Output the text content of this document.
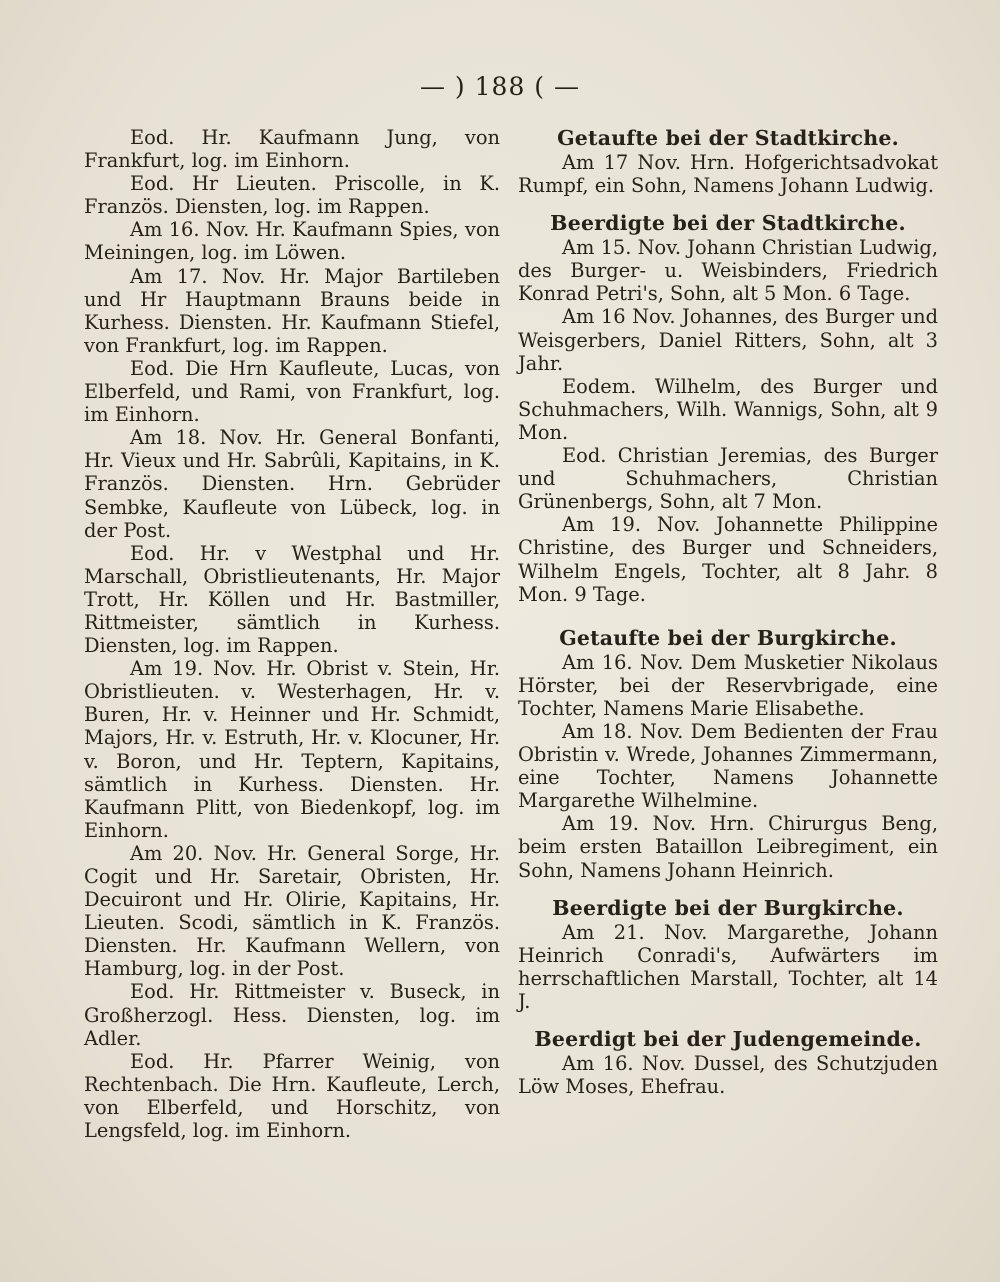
— ) 188 ( —

Eod. Hr. Kaufmann Jung, von Frankfurt, log. im Einhorn.

Eod. Hr Lieuten. Priscolle, in K. Französ. Diensten, log. im Rappen.

Am 16. Nov. Hr. Kaufmann Spies, von Meiningen, log. im Löwen.

Am 17. Nov. Hr. Major Bartileben und Hr Hauptmann Brauns beide in Kurhess. Diensten. Hr. Kaufmann Stiefel, von Frankfurt, log. im Rappen.

Eod. Die Hrn Kaufleute, Lucas, von Elberfeld, und Rami, von Frankfurt, log. im Einhorn.

Am 18. Nov. Hr. General Bonfanti, Hr. Vieux und Hr. Sabrûli, Kapitains, in K. Französ. Diensten. Hrn. Gebrüder Sembke, Kaufleute von Lübeck, log. in der Post.

Eod. Hr. v Westphal und Hr. Marschall, Obristlieutenants, Hr. Major Trott, Hr. Köllen und Hr. Bastmiller, Rittmeister, sämtlich in Kurhess. Diensten, log. im Rappen.

Am 19. Nov. Hr. Obrist v. Stein, Hr. Obristlieuten. v. Westerhagen, Hr. v. Buren, Hr. v. Heinner und Hr. Schmidt, Majors, Hr. v. Estruth, Hr. v. Klocuner, Hr. v. Boron, und Hr. Teptern, Kapitains, sämtlich in Kurhess. Diensten. Hr. Kaufmann Plitt, von Biedenkopf, log. im Einhorn.

Am 20. Nov. Hr. General Sorge, Hr. Cogit und Hr. Saretair, Obristen, Hr. Decuiront und Hr. Olirie, Kapitains, Hr. Lieuten. Scodi, sämtlich in K. Französ. Diensten. Hr. Kaufmann Wellern, von Hamburg, log. in der Post.

Eod. Hr. Rittmeister v. Buseck, in Großherzogl. Hess. Diensten, log. im Adler.

Eod. Hr. Pfarrer Weinig, von Rechtenbach. Die Hrn. Kaufleute, Lerch, von Elberfeld, und Horschitz, von Lengsfeld, log. im Einhorn.

Getaufte bei der Stadtkirche.

Am 17 Nov. Hrn. Hofgerichtsadvokat Rumpf, ein Sohn, Namens Johann Ludwig.

Beerdigte bei der Stadtkirche.

Am 15. Nov. Johann Christian Ludwig, des Burger- u. Weisbinders, Friedrich Konrad Petri's, Sohn, alt 5 Mon. 6 Tage.

Am 16 Nov. Johannes, des Burger und Weisgerbers, Daniel Ritters, Sohn, alt 3 Jahr.

Eodem. Wilhelm, des Burger und Schuhmachers, Wilh. Wannigs, Sohn, alt 9 Mon.

Eod. Christian Jeremias, des Burger und Schuhmachers, Christian Grünenbergs, Sohn, alt 7 Mon.

Am 19. Nov. Johannette Philippine Christine, des Burger und Schneiders, Wilhelm Engels, Tochter, alt 8 Jahr. 8 Mon. 9 Tage.

Getaufte bei der Burgkirche.

Am 16. Nov. Dem Musketier Nikolaus Hörster, bei der Reservbrigade, eine Tochter, Namens Marie Elisabethe.

Am 18. Nov. Dem Bedienten der Frau Obristin v. Wrede, Johannes Zimmermann, eine Tochter, Namens Johannette Margarethe Wilhelmine.

Am 19. Nov. Hrn. Chirurgus Beng, beim ersten Bataillon Leibregiment, ein Sohn, Namens Johann Heinrich.

Beerdigte bei der Burgkirche.

Am 21. Nov. Margarethe, Johann Heinrich Conradi's, Aufwärters im herrschaftlichen Marstall, Tochter, alt 14 J.

Beerdigt bei der Judengemeinde.

Am 16. Nov. Dussel, des Schutzjuden Löw Moses, Ehefrau.
